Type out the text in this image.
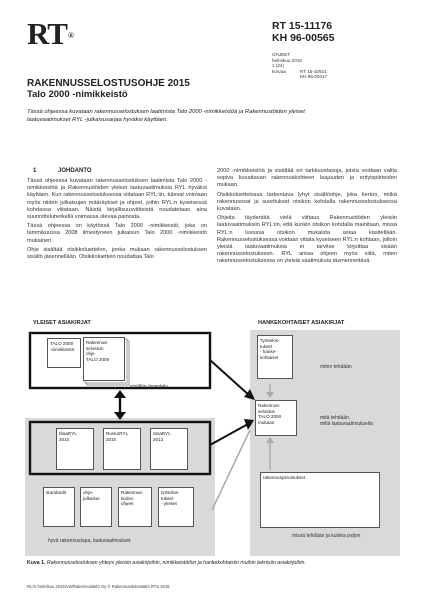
RT®
RT 15-11176
KH 96-00565
OHJEET
helmikuu 2015
1 (24)
korvaa	RT 15-10921
KH 96-00417
RAKENNUSSELOSTUSOHJE 2015
Talo 2000 -nimikkeistö
Tässä ohjeessa kuvataan rakennusselostuksen laatimista Talo 2000 -nimikkeistöä ja Rakennustöiden yleiset laatuvaatimukset RYL -julkaisusarjaa hyväksi käyttäen.
1	JOHDANTO

Tässä ohjeessa kuvataan rakennusselostuksen laatimista Talo 2000 -nimikkeistöä ja Rakennustöiden yleiset laatuvaatimuksia RYL hyväksi käyttäen. Kun rakennusselostuksessa viitataan RYL:iin, tulevat voimaan myös niiden julkaisujen määräykset ja ohjeet, joihin RYL:n kyseisessä kohdassa viitataan. Näistä kirjallisuusviitteistä noudatetaan aina suunnitteluhetkellä voimassa olevaa painosta.

Tässä ohjeessa on käytössä Talo 2000 -nimikkeistö, joka on tammikuussa 2008 ilmestyneen julkaisun Talo 2000 -nimikkeistö mukainen.

Ohje sisältää otsikkoluettelon, jonka mukaan rakennusselostuksen sisältö jäsennellään. Otsikkoluettelo noudattaa Talo

2000 -nimikkeistöä ja sisältää eri tarkkuustasoja, joista voidaan valita sopiva kuvattavan rakennuskohteen laajuuden ja erityispiirteiden mukaan.

Otsikkoluettelossa tarkentava lyhyt sisältöohje, joka kertoo, mitkä rakennusosat ja suoritukset otsikon kohdalla rakennusselostuksessa kuvataan.

Ohjeita täydentää vielä viittaus Rakennustöiden yleisiin laatuvaatimuksiin RYL:iin, että kunkin otsikon kohdalla mainitaan, missä RYL:n luvussa otsikon mukaista asiaa käsitellään. Rakennusselostuksessa voidaan viitata kyseiseen RYL:n kohtaan, jolloin yleisiä laatuvaatimuksia ei tarvitse kirjoittaa sisään rakennusselostukseen. RYL antaa ohjeen myös siitä, miten rakennusselostuksessa on yleisiä vaatimuksia täsmennettävä.

YLEISET ASIAKIRJAT	HANKEKOHTAISET ASIAKIRJAT
TALO 2000
-nimikkeistö
Rakennus-
selostus-
ohje
TALO 2000
sisällön jäsentely
MaaRYL
2010
RunkoRYL
2010
SisaRYL
2013
standardit	ohje-
julkaisut
Rakennus-
tiedon
ohjeet
työselos-
tukset
- yleiset
hyvä rakennustapa, laatuvaatimukset
Työselos-
tukset
- hanke-
kohtaiset
miten tehdään
Rakennus-
selostus
TALO 2000
mukaan
mitä tehdään,
millä laatuvaatimuksella
rakennuspiirustukset
missä tehdään ja kuinka paljon
Kuva 1. Rakennusselostuksen yhteys yleisiin asiakirjoihin, nimikkeistöihin ja hankekohtaisiin muihin teknisiin asiakirjoihin.
RL/S helmikuu 2015/Via/Rakennustieto Oy © Rakennustietosäätiö RTS 2015
